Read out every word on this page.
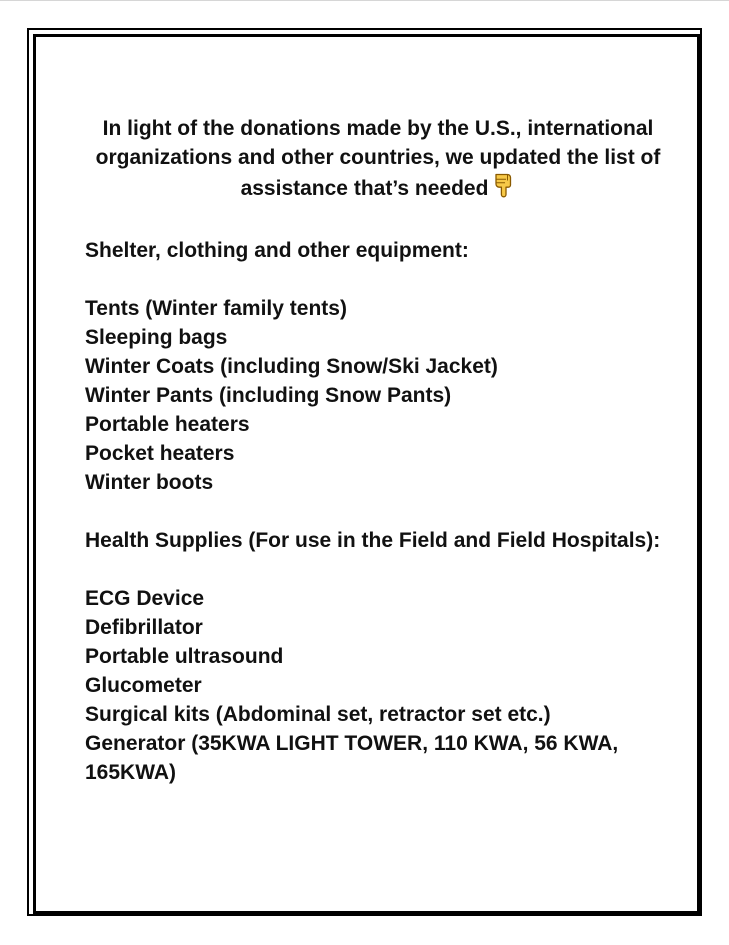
In light of the donations made by the U.S., international organizations and other countries, we updated the list of assistance that’s needed
Shelter, clothing and other equipment:
Tents (Winter family tents)
Sleeping bags
Winter Coats (including Snow/Ski Jacket)
Winter Pants (including Snow Pants)
Portable heaters
Pocket heaters
Winter boots
Health Supplies (For use in the Field and Field Hospitals):
ECG Device
Defibrillator
Portable ultrasound
Glucometer
Surgical kits (Abdominal set, retractor set etc.)
Generator (35KWA LIGHT TOWER, 110 KWA, 56 KWA, 165KWA)
